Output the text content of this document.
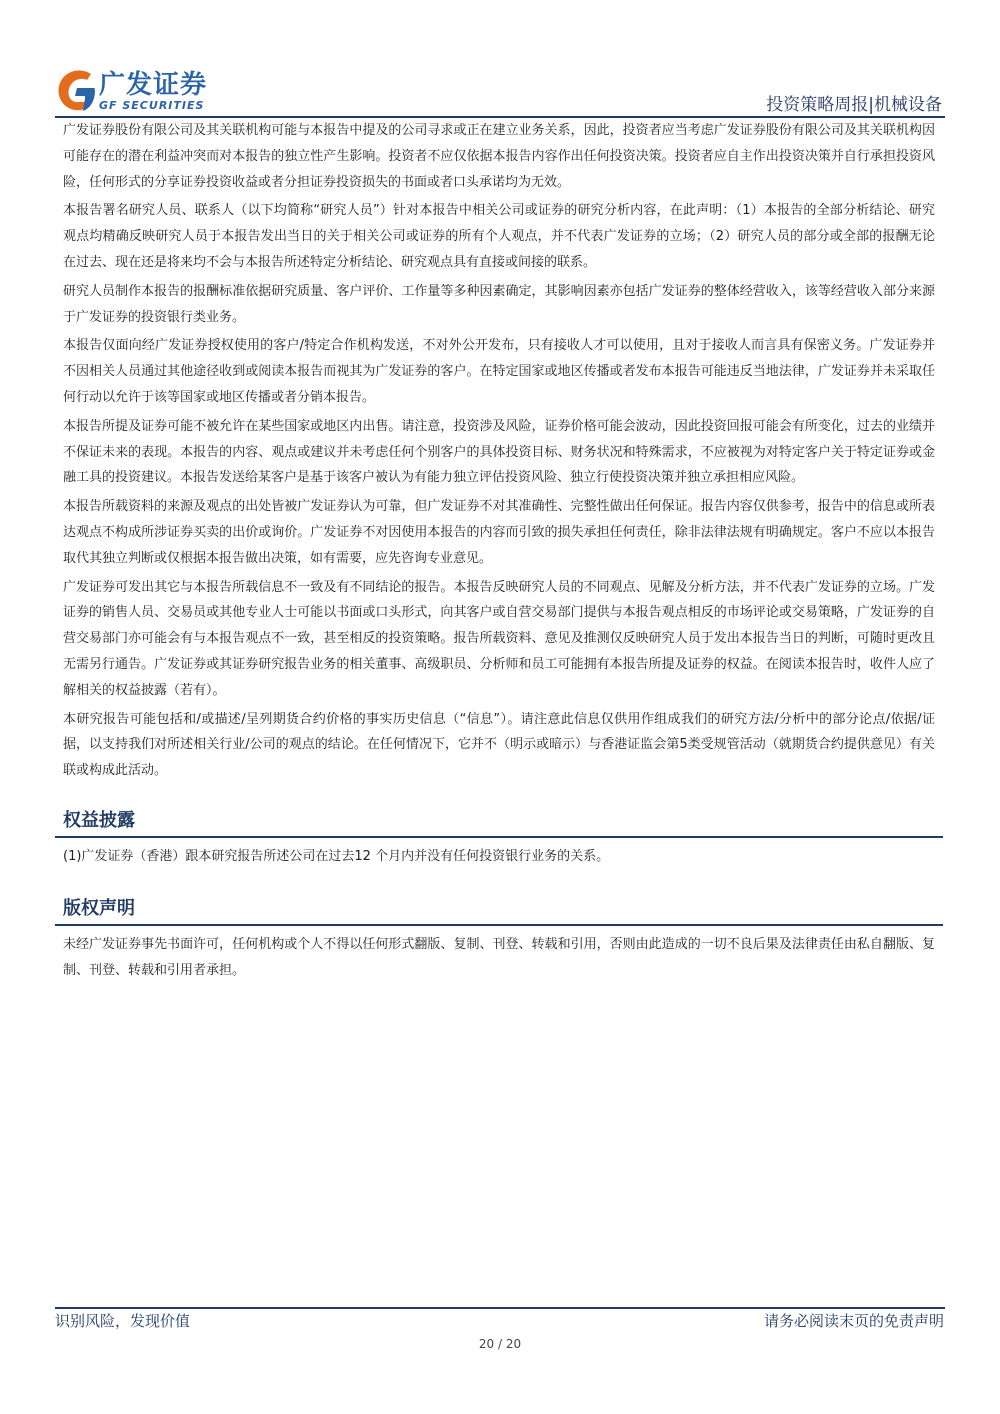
广发证券
GF SECURITIES	投资策略周报|机械设备

广发证券股份有限公司及其关联机构可能与本报告中提及的公司寻求或正在建立业务关系，因此，投资者应当考虑广发证券股份有限公司及其关联机构因可能存在的潜在利益冲突而对本报告的独立性产生影响。投资者不应仅依据本报告内容作出任何投资决策。投资者应自主作出投资决策并自行承担投资风险，任何形式的分享证券投资收益或者分担证券投资损失的书面或者口头承诺均为无效。

本报告署名研究人员、联系人（以下均简称“研究人员”）针对本报告中相关公司或证券的研究分析内容，在此声明：（1）本报告的全部分析结论、研究观点均精确反映研究人员于本报告发出当日的关于相关公司或证券的所有个人观点，并不代表广发证券的立场；（2）研究人员的部分或全部的报酬无论在过去、现在还是将来均不会与本报告所述特定分析结论、研究观点具有直接或间接的联系。

研究人员制作本报告的报酬标准依据研究质量、客户评价、工作量等多种因素确定，其影响因素亦包括广发证券的整体经营收入，该等经营收入部分来源于广发证券的投资银行类业务。

本报告仅面向经广发证券授权使用的客户/特定合作机构发送，不对外公开发布，只有接收人才可以使用，且对于接收人而言具有保密义务。广发证券并不因相关人员通过其他途径收到或阅读本报告而视其为广发证券的客户。在特定国家或地区传播或者发布本报告可能违反当地法律，广发证券并未采取任何行动以允许于该等国家或地区传播或者分销本报告。

本报告所提及证券可能不被允许在某些国家或地区内出售。请注意，投资涉及风险，证券价格可能会波动，因此投资回报可能会有所变化，过去的业绩并不保证未来的表现。本报告的内容、观点或建议并未考虑任何个别客户的具体投资目标、财务状况和特殊需求，不应被视为对特定客户关于特定证券或金融工具的投资建议。本报告发送给某客户是基于该客户被认为有能力独立评估投资风险、独立行使投资决策并独立承担相应风险。

本报告所载资料的来源及观点的出处皆被广发证券认为可靠，但广发证券不对其准确性、完整性做出任何保证。报告内容仅供参考，报告中的信息或所表达观点不构成所涉证券买卖的出价或询价。广发证券不对因使用本报告的内容而引致的损失承担任何责任，除非法律法规有明确规定。客户不应以本报告取代其独立判断或仅根据本报告做出决策，如有需要，应先咨询专业意见。

广发证券可发出其它与本报告所载信息不一致及有不同结论的报告。本报告反映研究人员的不同观点、见解及分析方法，并不代表广发证券的立场。广发证券的销售人员、交易员或其他专业人士可能以书面或口头形式，向其客户或自营交易部门提供与本报告观点相反的市场评论或交易策略，广发证券的自营交易部门亦可能会有与本报告观点不一致，甚至相反的投资策略。报告所载资料、意见及推测仅反映研究人员于发出本报告当日的判断，可随时更改且无需另行通告。广发证券或其证券研究报告业务的相关董事、高级职员、分析师和员工可能拥有本报告所提及证券的权益。在阅读本报告时，收件人应了解相关的权益披露（若有）。

本研究报告可能包括和/或描述/呈列期货合约价格的事实历史信息（“信息”）。请注意此信息仅供用作组成我们的研究方法/分析中的部分论点/依据/证据，以支持我们对所述相关行业/公司的观点的结论。在任何情况下，它并不（明示或暗示）与香港证监会第5类受规管活动（就期货合约提供意见）有关联或构成此活动。

权益披露

(1)广发证券（香港）跟本研究报告所述公司在过去12 个月内并没有任何投资银行业务的关系。

版权声明

未经广发证券事先书面许可，任何机构或个人不得以任何形式翻版、复制、刊登、转载和引用，否则由此造成的一切不良后果及法律责任由私自翻版、复制、刊登、转载和引用者承担。

识别风险，发现价值	请务必阅读末页的免责声明
20 / 20
